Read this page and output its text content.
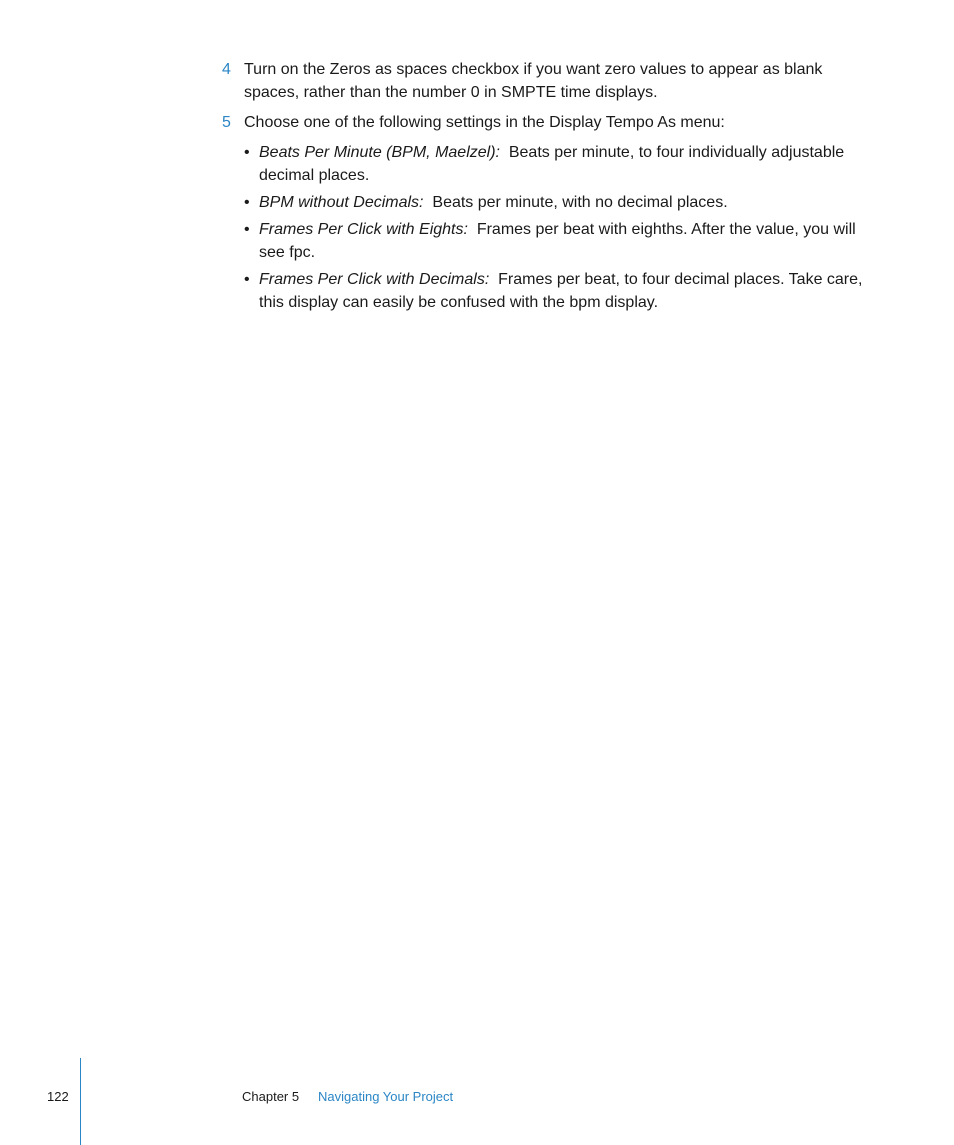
4 Turn on the Zeros as spaces checkbox if you want zero values to appear as blank spaces, rather than the number 0 in SMPTE time displays.
5 Choose one of the following settings in the Display Tempo As menu:
• Beats Per Minute (BPM, Maelzel): Beats per minute, to four individually adjustable decimal places.
• BPM without Decimals: Beats per minute, with no decimal places.
• Frames Per Click with Eights: Frames per beat with eighths. After the value, you will see fpc.
• Frames Per Click with Decimals: Frames per beat, to four decimal places. Take care, this display can easily be confused with the bpm display.
122	Chapter 5 Navigating Your Project
